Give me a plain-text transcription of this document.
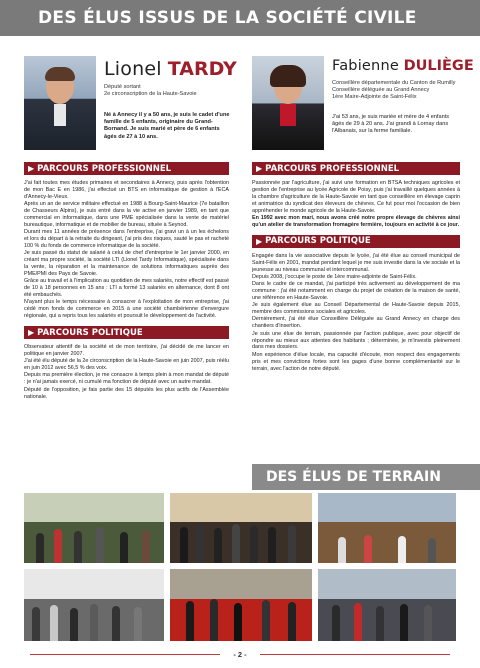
DES ÉLUS ISSUS DE LA SOCIÉTÉ CIVILE
Lionel TARDY
Député sortant
2e circonscription de la Haute-Savoie
Né à Annecy il y a 50 ans, je suis le cadet d'une famille de 5 enfants, originaire du Grand-Bornand. Je suis marié et père de 6 enfants âgés de 27 à 10 ans.
▶ PARCOURS PROFESSIONNEL

J'ai fait toutes mes études primaires et secondaires à Annecy, puis après l'obtention de mon Bac E en 1986, j'ai effectué un BTS en informatique de gestion à l'ECA d'Annecy-le-Vieux.

Après un an de service militaire effectué en 1988 à Bourg-Saint-Maurice (7e bataillon de Chasseurs Alpins), je suis entré dans la vie active en janvier 1989, en tant que commercial en informatique, dans une PME spécialisée dans la vente de matériel bureautique, informatique et de mobilier de bureau, située à Seynod.

Durant mes 11 années de présence dans l'entreprise, j'ai gravi un à un les échelons et lors du départ à la retraite du dirigeant, j'ai pris des risques, sauté le pas et racheté 100 % du fonds de commerce informatique de la société.

Je suis passé du statut de salarié à celui de chef d'entreprise le 1er janvier 2000, en créant ma propre société, la société LTI (Lionel Tardy Informatique), spécialisée dans la vente, la réparation et la maintenance de solutions informatiques auprès des PME/PMI des Pays de Savoie.

Grâce au travail et à l'implication au quotidien de mes salariés, notre effectif est passé de 10 à 18 personnes en 15 ans : LTI a formé 13 salariés en alternance, dont 8 ont été embauchés.

N'ayant plus le temps nécessaire à consacrer à l'exploitation de mon entreprise, j'ai cédé mon fonds de commerce en 2015 à une société chambérienne d'envergure régionale, qui a repris tous les salariés et poursuit le développement de l'activité.

▶ PARCOURS POLITIQUE

Observateur attentif de la société et de mon territoire, j'ai décidé de me lancer en politique en janvier 2007.

J'ai été élu député de la 2e circonscription de la Haute-Savoie en juin 2007, puis réélu en juin 2012 avec 56,5 % des voix.

Depuis ma première élection, je me consacre à temps plein à mon mandat de député : je n'ai jamais exercé, ni cumulé ma fonction de député avec un autre mandat.

Député de l'opposition, je fais partie des 15 députés les plus actifs de l'Assemblée nationale.

Fabienne DULIÈGE
Conseillère départementale du Canton de Rumilly
Conseillère déléguée au Grand Annecy
1ère Maire-Adjointe de Saint-Félix
J'ai 53 ans, je suis mariée et mère de 4 enfants âgés de 29 à 20 ans. J'ai grandi à Lornay dans l'Albanais, sur la ferme familiale.
▶ PARCOURS PROFESSIONNEL

Passionnée par l'agriculture, j'ai suivi une formation en BTSA techniques agricoles et gestion de l'entreprise au lycée Agricole de Poisy, puis j'ai travaillé quelques années à la chambre d'agriculture de la Haute-Savoie en tant que conseillère en élevage caprin et animatrice du syndicat des éleveurs de chèvres. Ce fut pour moi l'occasion de bien appréhender le monde agricole de la Haute-Savoie.

En 1992 avec mon mari, nous avons créé notre propre élevage de chèvres ainsi qu'un atelier de transformation fromagère fermière, toujours en activité à ce jour.

▶ PARCOURS POLITIQUE

Engagée dans la vie associative depuis le lycée, j'ai été élue au conseil municipal de Saint-Félix en 2001, mandat pendant lequel je me suis investie dans la vie sociale et la jeunesse au niveau communal et intercommunal.

Depuis 2008, j'occupe le poste de 1ère maire-adjointe de Saint-Félix.

Dans le cadre de ce mandat, j'ai participé très activement au développement de ma commune : j'ai été notamment en charge du projet de création de la maison de santé, une référence en Haute-Savoie.

Je suis également élue au Conseil Départemental de Haute-Savoie depuis 2015, membre des commissions sociales et agricoles.

Dernièrement, j'ai été élue Conseillère Déléguée au Grand Annecy en charge des chantiers d'insertion.

Je suis une élue de terrain, passionnée par l'action publique, avec pour objectif de répondre au mieux aux attentes des habitants ; déterminée, je m'investis pleinement dans mes dossiers.

Mon expérience d'élue locale, ma capacité d'écoute, mon respect des engagements pris et mes convictions fortes sont les gages d'une bonne complémentarité sur le terrain, avec l'action de notre député.

DES ÉLUS DE TERRAIN
- 2 -
